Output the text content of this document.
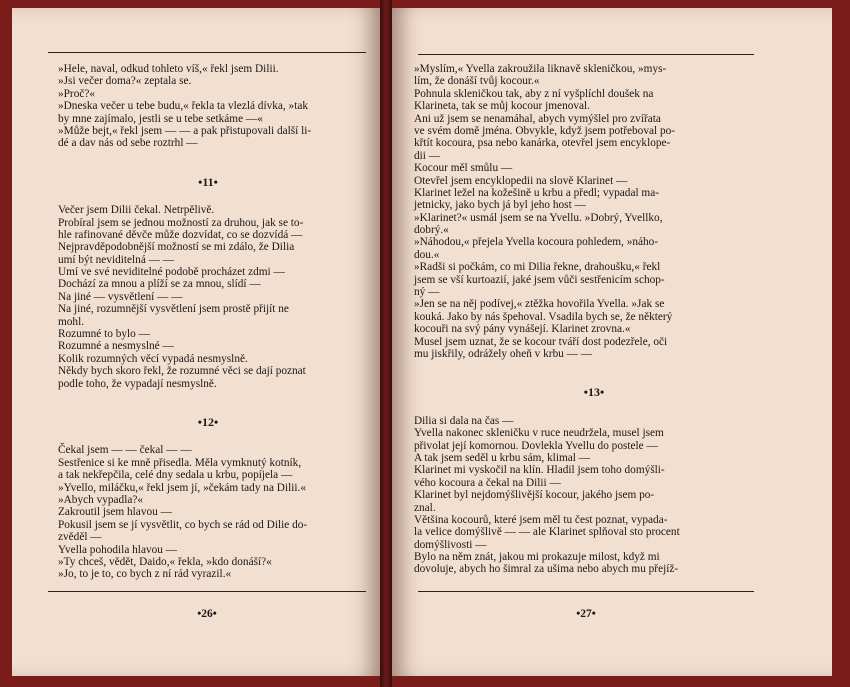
»Hele, naval, odkud tohleto víš,« řekl jsem Dilii.
»Jsi večer doma?« zeptala se.
»Proč?«
»Dneska večer u tebe budu,« řekla ta vlezlá dívka, »tak
by mne zajímalo, jestli se u tebe setkáme —«
»Může bejt,« řekl jsem — — a pak přistupovali další li-
dé a dav nás od sebe roztrhl —
•11•
Večer jsem Dilii čekal. Netrpělivě.
Probíral jsem se jednou možností za druhou, jak se to-
hle rafinované děvče může dozvídat, co se dozvídá —
Nejpravděpodobnější možností se mi zdálo, že Dilia
umí být neviditelná — —
Umí ve své neviditelné podobě procházet zdmi —
Dochází za mnou a plíží se za mnou, slídí —
Na jiné — vysvětlení — —
Na jiné, rozumnější vysvětlení jsem prostě přijít ne
mohl.
Rozumné to bylo —
Rozumné a nesmyslné —
Kolik rozumných věcí vypadá nesmyslně.
Někdy bych skoro řekl, že rozumné věci se dají poznat
podle toho, že vypadají nesmyslně.
•12•
Čekal jsem — — čekal — —
Sestřenice si ke mně přisedla. Měla vymknutý kotník,
a tak nekřepčila, celé dny sedala u krbu, popíjela —
»Yvello, miláčku,« řekl jsem jí, »čekám tady na Dilii.«
»Abych vypadla?«
Zakroutil jsem hlavou —
Pokusil jsem se jí vysvětlit, co bych se rád od Dilie do-
zvěděl —
Yvella pohodila hlavou —
»Ty chceš, vědět, Daido,« řekla, »kdo donáší?«
»Jo, to je to, co bych z ní rád vyrazil.«
•26•
»Myslím,« Yvella zakroužila liknavě skleničkou, »mys-
lím, že donáší tvůj kocour.«
Pohnula skleničkou tak, aby z ní vyšplíchl doušek na
Klarineta, tak se můj kocour jmenoval.
Ani už jsem se nenamáhal, abych vymýšlel pro zvířata
ve svém domě jména. Obvykle, když jsem potřeboval po-
křtít kocoura, psa nebo kanárka, otevřel jsem encyklope-
dii —
Kocour měl smůlu —
Otevřel jsem encyklopedii na slově Klarinet —
Klarinet ležel na kožešině u krbu a předl; vypadal ma-
jetnicky, jako bych já byl jeho host —
»Klarinet?« usmál jsem se na Yvellu. »Dobrý, Yvellko,
dobrý.«
»Náhodou,« přejela Yvella kocoura pohledem, »náho-
dou.«
»Radši si počkám, co mi Dilia řekne, drahoušku,« řekl
jsem se vší kurtoazií, jaké jsem vůči sestřenicím schop-
ný —
»Jen se na něj podívej,« ztěžka hovořila Yvella. »Jak se
kouká. Jako by nás špehoval. Vsadila bych se, že některý
kocouři na svý pány vynášejí. Klarinet zrovna.«
Musel jsem uznat, že se kocour tváří dost podezřele, oči
mu jiskřily, odrážely oheň v krbu — —
•13•
Dilia si dala na čas —
Yvella nakonec skleničku v ruce neudržela, musel jsem
přivolat její komornou. Dovlekla Yvellu do postele —
A tak jsem seděl u krbu sám, klimal —
Klarinet mi vyskočil na klín. Hladil jsem toho domýšli-
vého kocoura a čekal na Dilii —
Klarinet byl nejdomýšlivější kocour, jakého jsem po-
znal.
Většina kocourů, které jsem měl tu čest poznat, vypada-
la velice domýšlivě — — ale Klarinet splňoval sto procent
domýšlivosti —
Bylo na něm znát, jakou mi prokazuje milost, když mi
dovoluje, abych ho šimral za ušima nebo abych mu přejíž-
•27•
